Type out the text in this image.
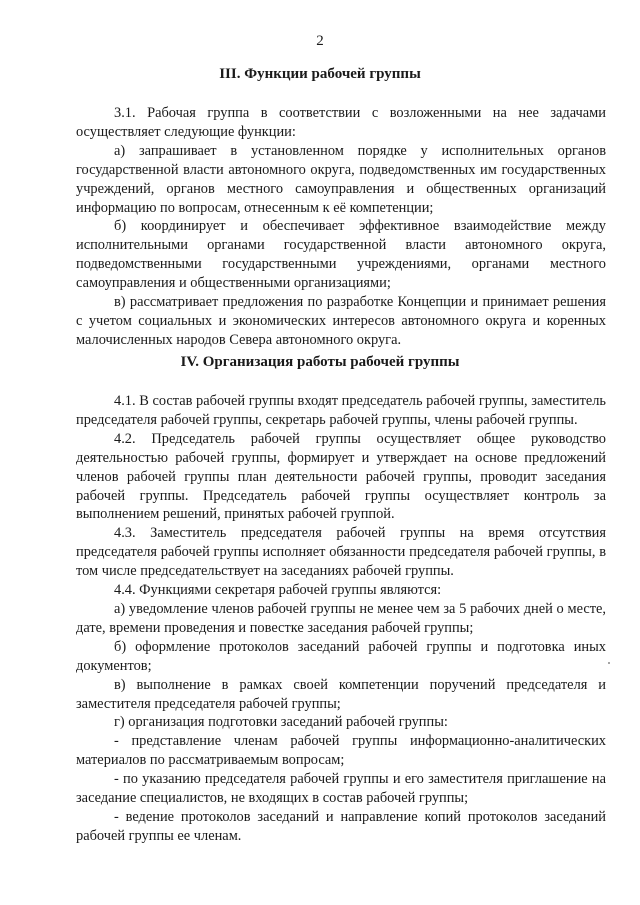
2
III. Функции рабочей группы

3.1. Рабочая группа в соответствии с возложенными на нее задачами осуществляет следующие функции:

а) запрашивает в установленном порядке у исполнительных органов государственной власти автономного округа, подведомственных им государственных учреждений, органов местного самоуправления и общественных организаций информацию по вопросам, отнесенным к её компетенции;

б) координирует и обеспечивает эффективное взаимодействие между исполнительными органами государственной власти автономного округа, подведомственными государственными учреждениями, органами местного самоуправления и общественными организациями;

в) рассматривает предложения по разработке Концепции и принимает решения с учетом социальных и экономических интересов автономного округа и коренных малочисленных народов Севера автономного округа.

IV. Организация работы рабочей группы

4.1. В состав рабочей группы входят председатель рабочей группы, заместитель председателя рабочей группы, секретарь рабочей группы, члены рабочей группы.

4.2. Председатель рабочей группы осуществляет общее руководство деятельностью рабочей группы, формирует и утверждает на основе предложений членов рабочей группы план деятельности рабочей группы, проводит заседания рабочей группы. Председатель рабочей группы осуществляет контроль за выполнением решений, принятых рабочей группой.

4.3. Заместитель председателя рабочей группы на время отсутствия председателя рабочей группы исполняет обязанности председателя рабочей группы, в том числе председательствует на заседаниях рабочей группы.

4.4. Функциями секретаря рабочей группы являются:

а) уведомление членов рабочей группы не менее чем за 5 рабочих дней о месте, дате, времени проведения и повестке заседания рабочей группы;

б) оформление протоколов заседаний рабочей группы и подготовка иных документов;

в) выполнение в рамках своей компетенции поручений председателя и заместителя председателя рабочей группы;

г) организация подготовки заседаний рабочей группы:

- представление членам рабочей группы информационно-аналитических материалов по рассматриваемым вопросам;

- по указанию председателя рабочей группы и его заместителя приглашение на заседание специалистов, не входящих в состав рабочей группы;

- ведение протоколов заседаний и направление копий протоколов заседаний рабочей группы ее членам.
